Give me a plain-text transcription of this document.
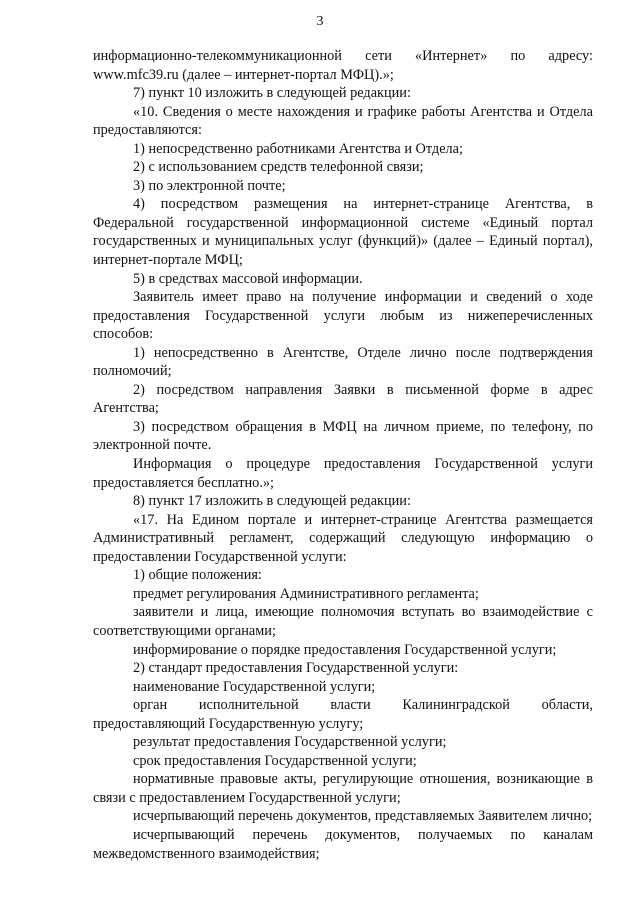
3

информационно-телекоммуникационной сети «Интернет» по адресу: www.mfc39.ru (далее – интернет-портал МФЦ).»;

7) пункт 10 изложить в следующей редакции:

«10. Сведения о месте нахождения и графике работы Агентства и Отдела предоставляются:

1) непосредственно работниками Агентства и Отдела;

2) с использованием средств телефонной связи;

3) по электронной почте;

4) посредством размещения на интернет-странице Агентства, в Федеральной государственной информационной системе «Единый портал государственных и муниципальных услуг (функций)» (далее – Единый портал), интернет-портале МФЦ;

5) в средствах массовой информации.

Заявитель имеет право на получение информации и сведений о ходе предоставления Государственной услуги любым из нижеперечисленных способов:

1) непосредственно в Агентстве, Отделе лично после подтверждения полномочий;

2) посредством направления Заявки в письменной форме в адрес Агентства;

3) посредством обращения в МФЦ на личном приеме, по телефону, по электронной почте.

Информация о процедуре предоставления Государственной услуги предоставляется бесплатно.»;

8) пункт 17 изложить в следующей редакции:

«17. На Едином портале и интернет-странице Агентства размещается Административный регламент, содержащий следующую информацию о предоставлении Государственной услуги:

1) общие положения:

предмет регулирования Административного регламента;

заявители и лица, имеющие полномочия вступать во взаимодействие с соответствующими органами;

информирование о порядке предоставления Государственной услуги;

2) стандарт предоставления Государственной услуги:

наименование Государственной услуги;

орган исполнительной власти Калининградской области, предоставляющий Государственную услугу;

результат предоставления Государственной услуги;

срок предоставления Государственной услуги;

нормативные правовые акты, регулирующие отношения, возникающие в связи с предоставлением Государственной услуги;

исчерпывающий перечень документов, представляемых Заявителем лично;

исчерпывающий перечень документов, получаемых по каналам межведомственного взаимодействия;
